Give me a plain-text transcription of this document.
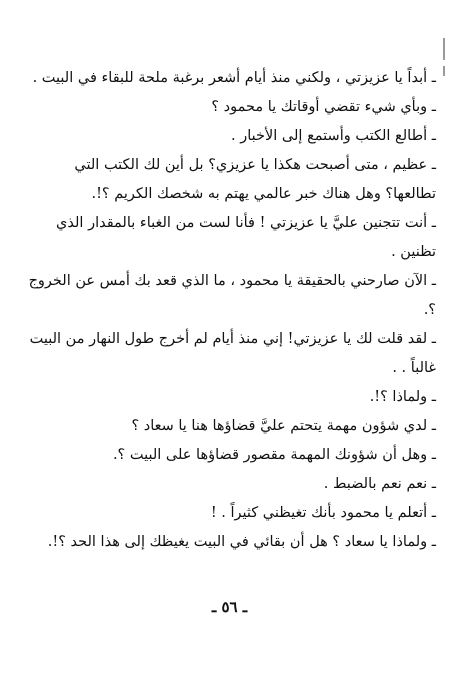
ـ أبداً يا عزيزتي ، ولكني منذ أيام أشعر برغبة ملحة للبقاء في البيت .

ـ وبأي شيء تقضي أوقاتك يا محمود ؟

ـ أطالع الكتب وأستمع إلى الأخبار .

ـ عظيم ، متى أصبحت هكذا يا عزيزي؟ بل أين لك الكتب التي تطالعها؟ وهل هناك خبر عالمي يهتم به شخصك الكريم ؟!.

ـ أنت تتجنين عليَّ يا عزيزتي ! فأنا لست من الغباء بالمقدار الذي تظنين .

ـ الآن صارحني بالحقيقة يا محمود ، ما الذي قعد بك أمس عن الخروج ؟.

ـ لقد قلت لك يا عزيزتي! إني منذ أيام لم أخرج طول النهار من البيت غالباً . .

ـ ولماذا ؟!.

ـ لدي شؤون مهمة يتحتم عليَّ قضاؤها هنا يا سعاد ؟

ـ وهل أن شؤونك المهمة مقصور قضاؤها على البيت ؟.

ـ نعم نعم بالضبط .

ـ أتعلم يا محمود بأنك تغيظني كثيراً . !

ـ ولماذا يا سعاد ؟ هل أن بقائي في البيت يغيظك إلى هذا الحد ؟!.

ـ ٥٦ ـ
